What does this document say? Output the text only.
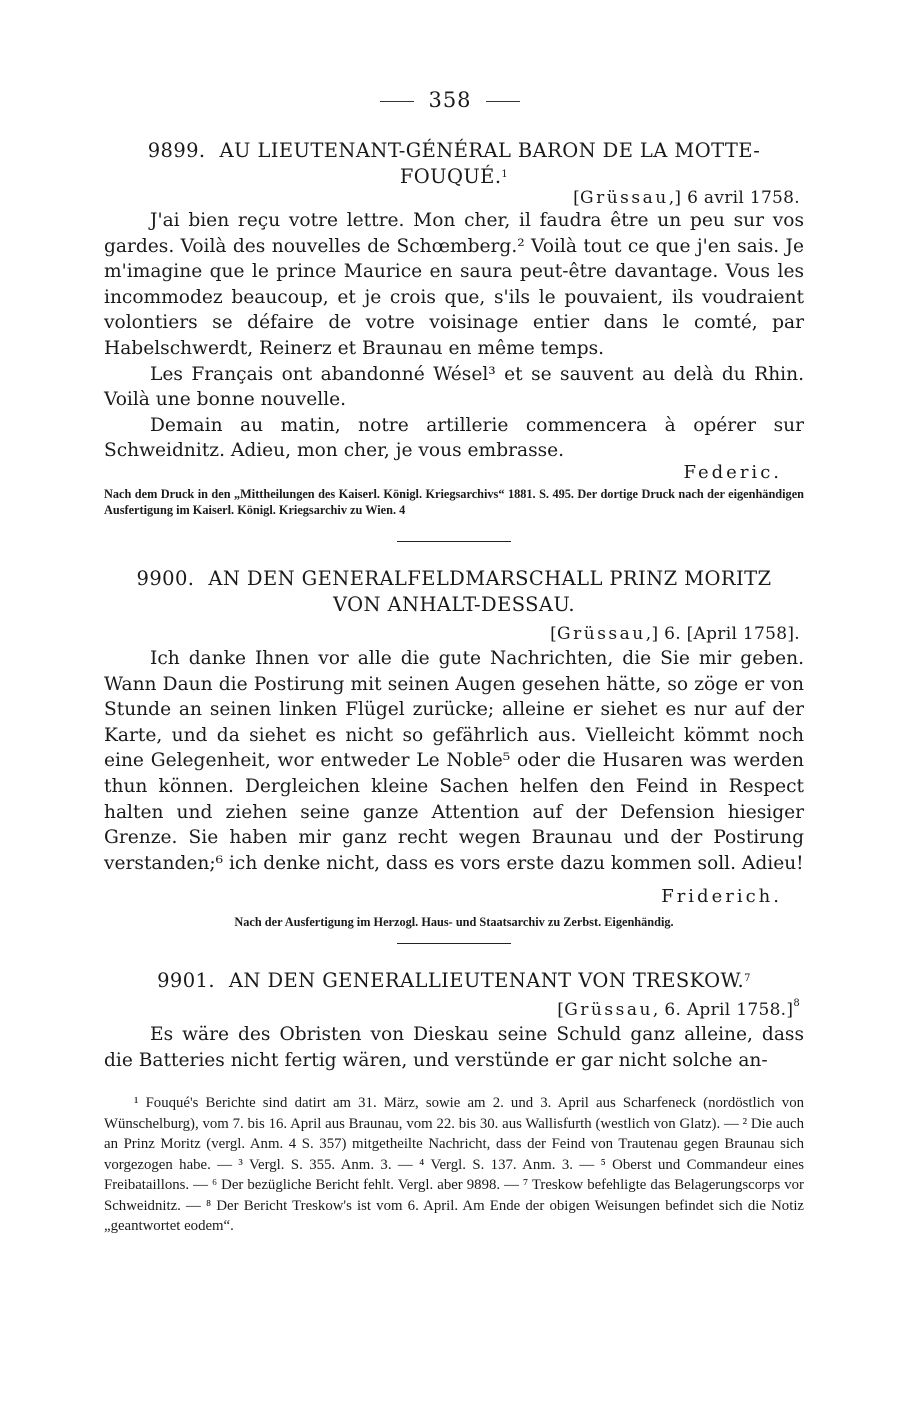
358
9899. AU LIEUTENANT-GÉNÉRAL BARON DE LA MOTTE-FOUQUÉ.$^1$
[Grüssau,] 6 avril 1758.

J'ai bien reçu votre lettre. Mon cher, il faudra être un peu sur vos gardes. Voilà des nouvelles de Schœmberg.² Voilà tout ce que j'en sais. Je m'imagine que le prince Maurice en saura peut-être davantage. Vous les incommodez beaucoup, et je crois que, s'ils le pouvaient, ils voudraient volontiers se défaire de votre voisinage entier dans le comté, par Habelschwerdt, Reinerz et Braunau en même temps.

Les Français ont abandonné Wésel³ et se sauvent au delà du Rhin. Voilà une bonne nouvelle.

Demain au matin, notre artillerie commencera à opérer sur Schweidnitz. Adieu, mon cher, je vous embrasse.

Federic.
Nach dem Druck in den „Mittheilungen des Kaiserl. Königl. Kriegsarchivs“ 1881. S. 495. Der dortige Druck nach der eigenhändigen Ausfertigung im Kaiserl. Königl. Kriegsarchiv zu Wien. 4
9900. AN DEN GENERALFELDMARSCHALL PRINZ MORITZ
VON ANHALT-DESSAU.
[Grüssau,] 6. [April 1758].

Ich danke Ihnen vor alle die gute Nachrichten, die Sie mir geben. Wann Daun die Postirung mit seinen Augen gesehen hätte, so zöge er von Stunde an seinen linken Flügel zurücke; alleine er siehet es nur auf der Karte, und da siehet es nicht so gefährlich aus. Vielleicht kömmt noch eine Gelegenheit, wor entweder Le Noble⁵ oder die Husaren was werden thun können. Dergleichen kleine Sachen helfen den Feind in Respect halten und ziehen seine ganze Attention auf der Defension hiesiger Grenze. Sie haben mir ganz recht wegen Braunau und der Postirung verstanden;⁶ ich denke nicht, dass es vors erste dazu kommen soll. Adieu!

Friderich.
Nach der Ausfertigung im Herzogl. Haus- und Staatsarchiv zu Zerbst. Eigenhändig.
9901. AN DEN GENERALLIEUTENANT VON TRESKOW.$^7$
[Grüssau, 6. April 1758.]$^8$

Es wäre des Obristen von Dieskau seine Schuld ganz alleine, dass die Batteries nicht fertig wären, und verstünde er gar nicht solche an-

¹ Fouqué's Berichte sind datirt am 31. März, sowie am 2. und 3. April aus Scharfeneck (nordöstlich von Wünschelburg), vom 7. bis 16. April aus Braunau, vom 22. bis 30. aus Wallisfurth (westlich von Glatz). — ² Die auch an Prinz Moritz (vergl. Anm. 4 S. 357) mitgetheilte Nachricht, dass der Feind von Trautenau gegen Braunau sich vorgezogen habe. — ³ Vergl. S. 355. Anm. 3. — ⁴ Vergl. S. 137. Anm. 3. — ⁵ Oberst und Commandeur eines Freibataillons. — ⁶ Der bezügliche Bericht fehlt. Vergl. aber 9898. — ⁷ Treskow befehligte das Belagerungscorps vor Schweidnitz. — ⁸ Der Bericht Treskow's ist vom 6. April. Am Ende der obigen Weisungen befindet sich die Notiz „geantwortet eodem“.
